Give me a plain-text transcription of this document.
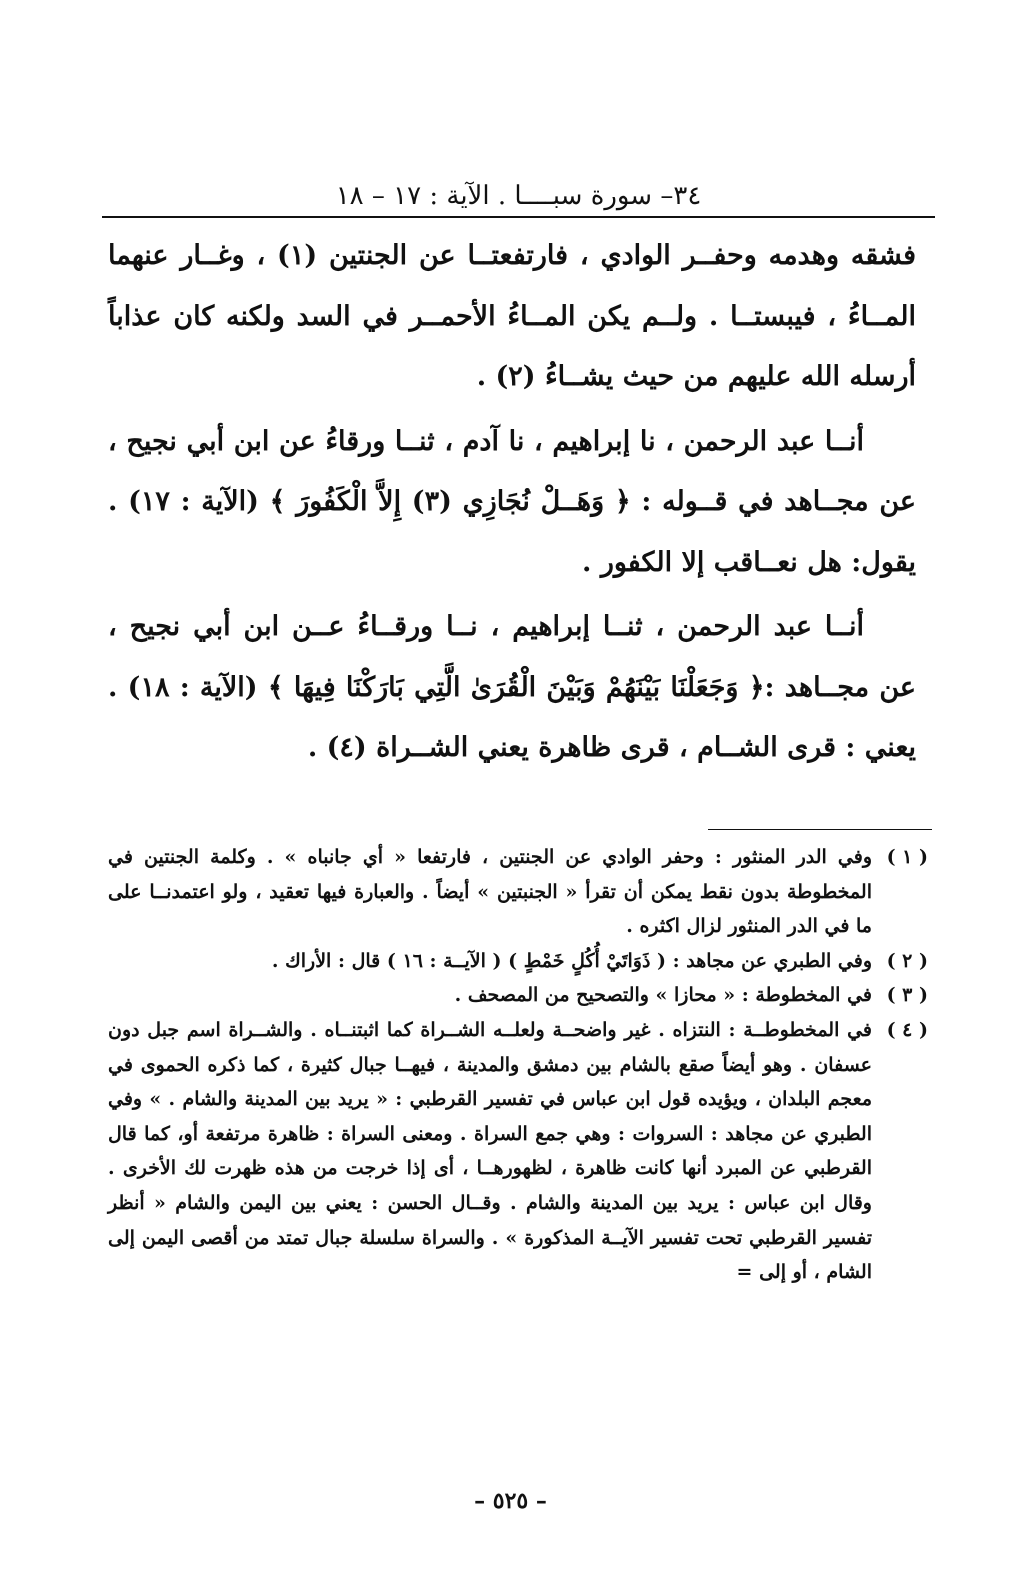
٣٤– سورة سبــــا . الآية : ١٧ – ١٨

فشقه وهدمه وحفــر الوادي ، فارتفعتــا عن الجنتين (١) ، وغــار عنهما المــاءُ ، فيبستــا . ولــم يكن المــاءُ الأحمــر في السد ولكنه كان عذاباً أرسله الله عليهم من حيث يشــاءُ (٢) .

أنــا عبد الرحمن ، نا إبراهيم ، نا آدم ، ثنــا ورقاءُ عن ابن أبي نجيح ، عن مجــاهد في قــوله : ﴿ وَهَــلْ نُجَازِي (٣) إِلاَّ الْكَفُورَ ﴾ (الآية : ١٧) . يقول: هل نعــاقب إلا الكفور .

أنــا عبد الرحمن ، ثنــا إبراهيم ، نــا ورقــاءُ عــن ابن أبي نجيح ، عن مجــاهد :﴿ وَجَعَلْنَا بَيْنَهُمْ وَبَيْنَ الْقُرَىٰ الَّتِي بَارَكْنَا فِيهَا ﴾ (الآية : ١٨) . يعني : قرى الشــام ، قرى ظاهرة يعني الشــراة (٤) .

( ١ )
وفي الدر المنثور : وحفر الوادي عن الجنتين ، فارتفعا « أي جانباه » . وكلمة الجنتين في المخطوطة بدون نقط يمكن أن تقرأ « الجنبتين » أيضاً . والعبارة فيها تعقيد ، ولو اعتمدنــا على ما في الدر المنثور لزال اكثره .
( ٢ )
وفي الطبري عن مجاهد : ( ذَوَاتَيْ أُكُلٍ خَمْطٍ ) ( الآيــة : ١٦ ) قال : الأراك .
( ٣ )
في المخطوطة : « محازا » والتصحيح من المصحف .
( ٤ )
في المخطوطــة : النتزاه . غير واضحــة ولعلــه الشــراة كما اثبتنــاه . والشــراة اسم جبل دون عسفان . وهو أيضاً صقع بالشام بين دمشق والمدينة ، فيهــا جبال كثيرة ، كما ذكره الحموى في معجم البلدان ، ويؤيده قول ابن عباس في تفسير القرطبي : « يريد بين المدينة والشام . » وفي الطبري عن مجاهد : السروات : وهي جمع السراة . ومعنى السراة : ظاهرة مرتفعة أو، كما قال القرطبي عن المبرد أنها كانت ظاهرة ، لظهورهــا ، أى إذا خرجت من هذه ظهرت لك الأخرى . وقال ابن عباس : يريد بين المدينة والشام . وقــال الحسن : يعني بين اليمن والشام « أنظر تفسير القرطبي تحت تفسير الآيــة المذكورة » . والسراة سلسلة جبال تمتد من أقصى اليمن إلى الشام ، أو إلى =
– ٥٢٥ –
